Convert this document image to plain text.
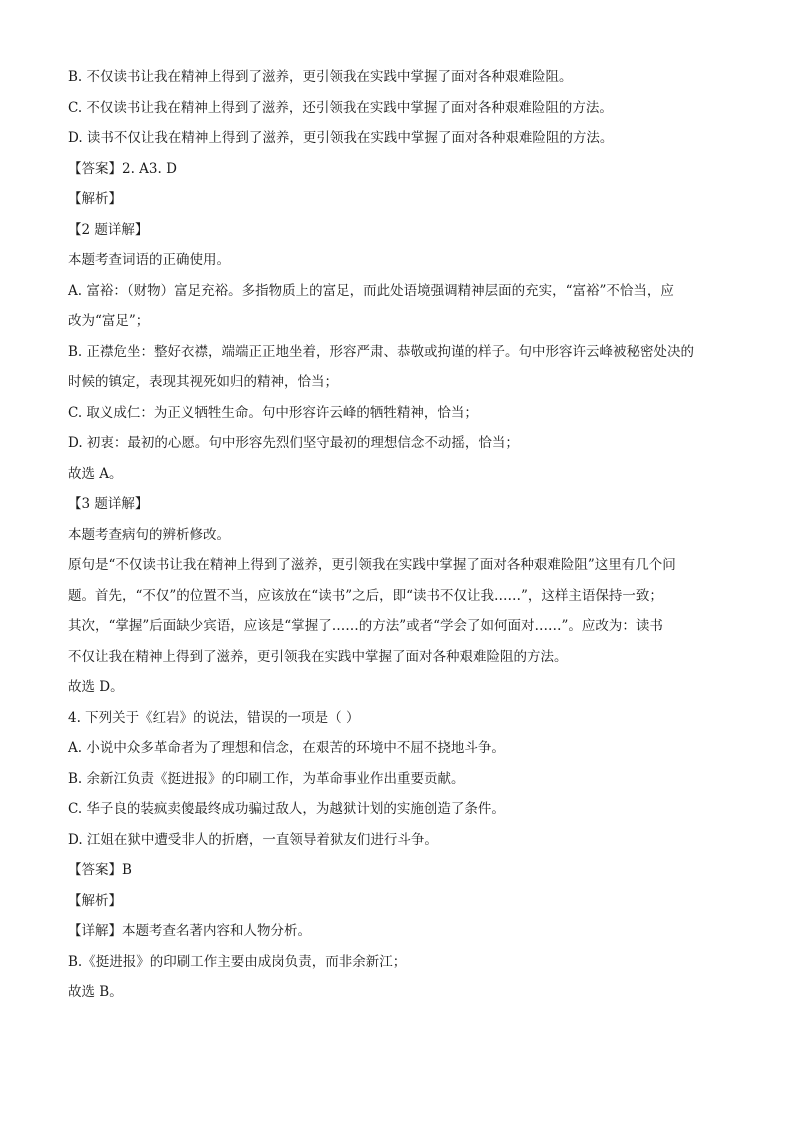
B. 不仅读书让我在精神上得到了滋养，更引领我在实践中掌握了面对各种艰难险阻。
C. 不仅读书让我在精神上得到了滋养，还引领我在实践中掌握了面对各种艰难险阻的方法。
D. 读书不仅让我在精神上得到了滋养，更引领我在实践中掌握了面对各种艰难险阻的方法。
【答案】2. A3. D
【解析】
【2 题详解】
本题考查词语的正确使用。
A. 富裕：（财物）富足充裕。多指物质上的富足，而此处语境强调精神层面的充实，“富裕”不恰当，应
改为“富足”；
B. 正襟危坐：整好衣襟，端端正正地坐着，形容严肃、恭敬或拘谨的样子。句中形容许云峰被秘密处决的
时候的镇定，表现其视死如归的精神，恰当；
C. 取义成仁：为正义牺牲生命。句中形容许云峰的牺牲精神，恰当；
D. 初衷：最初的心愿。句中形容先烈们坚守最初的理想信念不动摇，恰当；
故选 A。
【3 题详解】
本题考查病句的辨析修改。
原句是“不仅读书让我在精神上得到了滋养，更引领我在实践中掌握了面对各种艰难险阻”这里有几个问
题。首先，“不仅”的位置不当，应该放在“读书”之后，即“读书不仅让我……”，这样主语保持一致；
其次，“掌握”后面缺少宾语，应该是“掌握了……的方法”或者“学会了如何面对……”。应改为：读书
不仅让我在精神上得到了滋养，更引领我在实践中掌握了面对各种艰难险阻的方法。
故选 D。
4. 下列关于《红岩》的说法，错误的一项是（ ）
A. 小说中众多革命者为了理想和信念，在艰苦的环境中不屈不挠地斗争。
B. 余新江负责《挺进报》的印刷工作，为革命事业作出重要贡献。
C. 华子良的装疯卖傻最终成功骗过敌人，为越狱计划的实施创造了条件。
D. 江姐在狱中遭受非人的折磨，一直领导着狱友们进行斗争。
【答案】B
【解析】
【详解】本题考查名著内容和人物分析。
B.《挺进报》的印刷工作主要由成岗负责，而非余新江；
故选 B。
